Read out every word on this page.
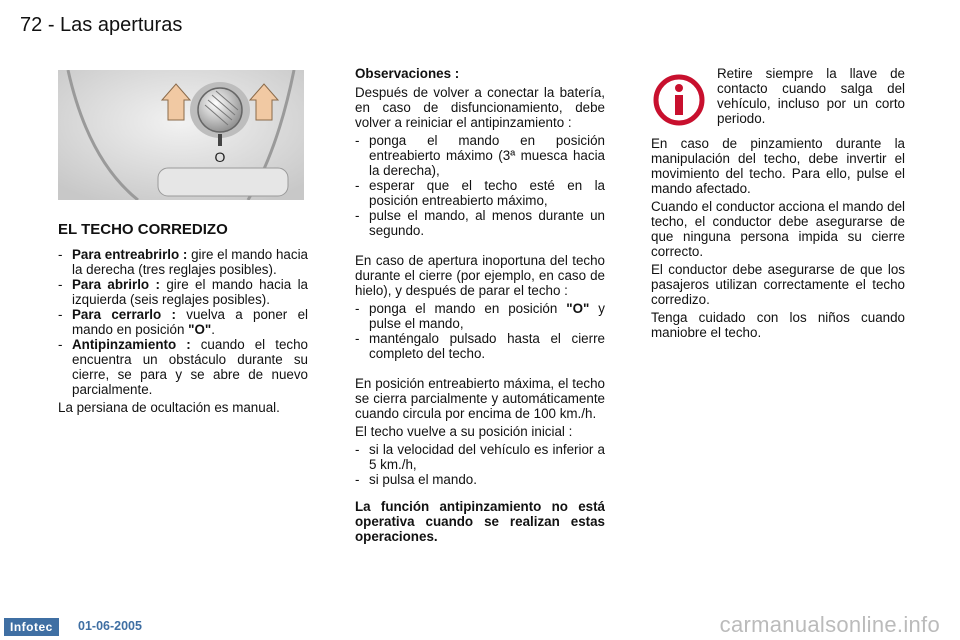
72 - Las aperturas
O
EL TECHO CORREDIZO
- Para entreabrirlo : gire el mando hacia la derecha (tres reglajes posibles).
- Para abrirlo : gire el mando hacia la izquierda (seis reglajes posibles).
- Para cerrarlo : vuelva a poner el mando en posición "O".
- Antipinzamiento : cuando el techo encuentra un obstáculo durante su cierre, se para y se abre de nuevo parcialmente.

La persiana de ocultación es manual.

Observaciones :

Después de volver a conectar la batería, en caso de disfuncionamiento, debe volver a reiniciar el antipinzamiento :

- ponga el mando en posición entreabierto máximo (3ª muesca hacia la derecha),
- esperar que el techo esté en la posición entreabierto máximo,
- pulse el mando, al menos durante un segundo.

En caso de apertura inoportuna del techo durante el cierre (por ejemplo, en caso de hielo), y después de parar el techo :

- ponga el mando en posición "O" y pulse el mando,
- manténgalo pulsado hasta el cierre completo del techo.

En posición entreabierto máxima, el techo se cierra parcialmente y automáticamente cuando circula por encima de 100 km./h.

El techo vuelve a su posición inicial :

- si la velocidad del vehículo es inferior a 5 km./h,
- si pulsa el mando.

La función antipinzamiento no está operativa cuando se realizan estas operaciones.

Retire siempre la llave de contacto cuando salga del vehículo, incluso por un corto periodo.

En caso de pinzamiento durante la manipulación del techo, debe invertir el movimiento del techo. Para ello, pulse el mando afectado.

Cuando el conductor acciona el mando del techo, el conductor debe asegurarse de que ninguna persona impida su cierre correcto.

El conductor debe asegurarse de que los pasajeros utilizan correctamente el techo corredizo.

Tenga cuidado con los niños cuando maniobre el techo.

Infotec	01-06-2005	carmanualsonline.info
